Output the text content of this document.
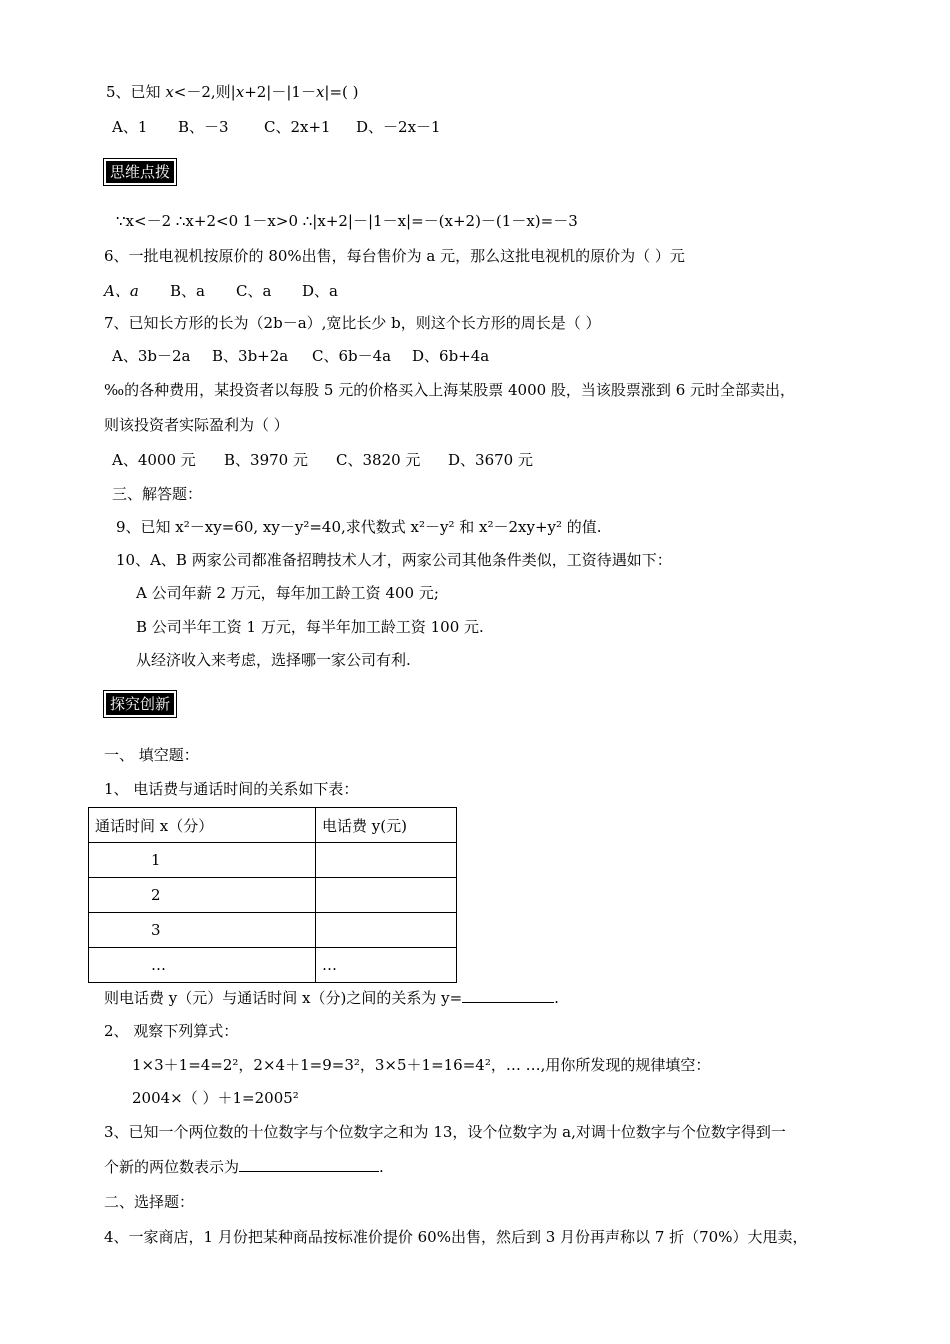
5、已知 x<－2,则|x+2|－|1－x|=( )
A、1 B、－3 C、2x+1 D、－2x－1
思维点拨
∵x<－2 ∴x+2<0 1－x>0 ∴|x+2|－|1－x|=－(x+2)－(1－x)=－3
6、一批电视机按原价的 80%出售，每台售价为 a 元，那么这批电视机的原价为（ ）元
A、a B、a C、a D、a
7、已知长方形的长为（2b－a）,宽比长少 b，则这个长方形的周长是（ ）
A、3b－2a B、3b+2a C、6b－4a D、6b+4a
‰的各种费用，某投资者以每股 5 元的价格买入上海某股票 4000 股，当该股票涨到 6 元时全部卖出，
则该投资者实际盈利为（ ）
A、4000 元 B、3970 元 C、3820 元 D、3670 元
三、解答题：
9、已知 x²－xy=60, xy－y²=40,求代数式 x²－y² 和 x²－2xy+y² 的值.
10、A、B 两家公司都准备招聘技术人才，两家公司其他条件类似，工资待遇如下：
A 公司年薪 2 万元，每年加工龄工资 400 元;
B 公司半年工资 1 万元，每半年加工龄工资 100 元.
从经济收入来考虑，选择哪一家公司有利.
探究创新
一、 填空题：
1、 电话费与通话时间的关系如下表：
通话时间 x（分）	电话费 y(元)
1	
2	
3	
…	…
则电话费 y（元）与通话时间 x（分)之间的关系为 y=	.
2、 观察下列算式：
1×3＋1=4=2²，2×4＋1=9=3²，3×5＋1=16=4²，… …,用你所发现的规律填空：
2004×（ ）＋1=2005²
3、已知一个两位数的十位数字与个位数字之和为 13，设个位数字为 a,对调十位数字与个位数字得到一
个新的两位数表示为	.
二、选择题：
4、一家商店，1 月份把某种商品按标准价提价 60%出售，然后到 3 月份再声称以 7 折（70%）大甩卖，
